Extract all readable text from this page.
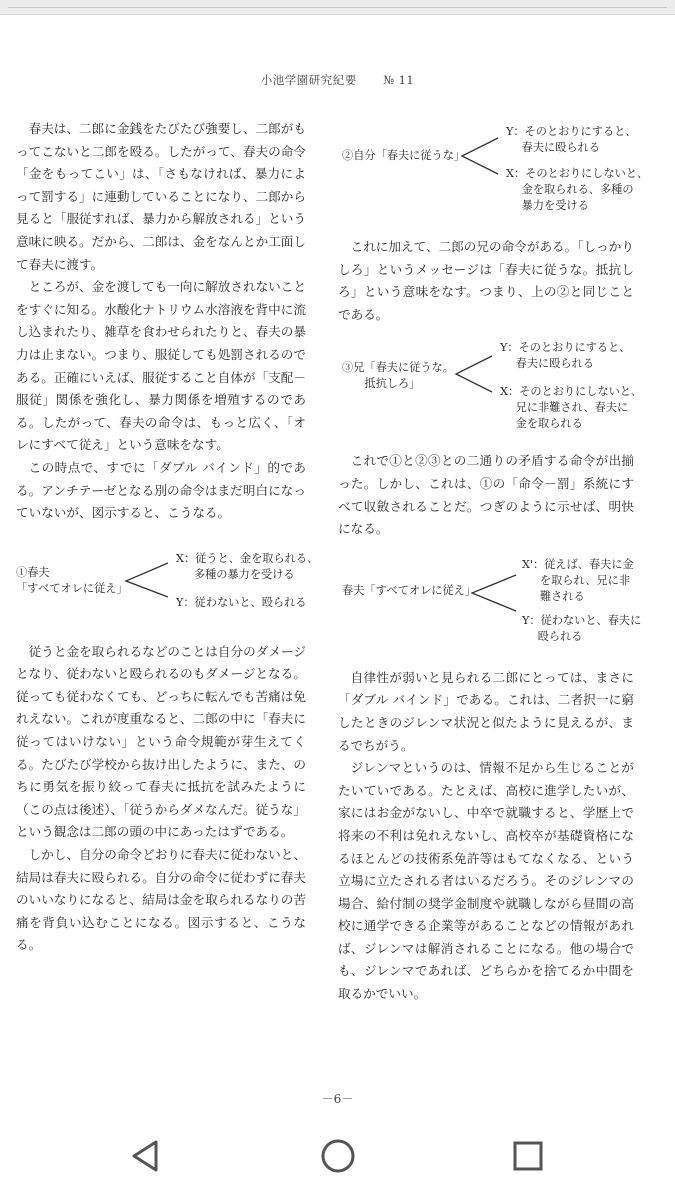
小池学園研究紀要 № 11

春夫は、二郎に金銭をたびたび強要し、二郎がもってこないと二郎を殴る。したがって、春夫の命令「金をもってこい」は、「さもなければ、暴力によって罰する」に連動していることになり、二郎から見ると「服従すれば、暴力から解放される」という意味に映る。だから、二郎は、金をなんとか工面して春夫に渡す。

ところが、金を渡しても一向に解放されないことをすぐに知る。水酸化ナトリウム水溶液を背中に流し込まれたり、雑草を食わせられたりと、春夫の暴力は止まない。つまり、服従しても処罰されるのである。正確にいえば、服従すること自体が「支配－服従」関係を強化し、暴力関係を増殖するのである。したがって、春夫の命令は、もっと広く、「オレにすべて従え」という意味をなす。

この時点で、すでに「ダブル バインド」的である。アンチテーゼとなる別の命令はまだ明白になっていないが、図示すると、こうなる。

①春夫
「すべてオレに従え」
X：従うと、金を取られる、
多種の暴力を受ける
Y：従わないと、殴られる

従うと金を取られるなどのことは自分のダメージとなり、従わないと殴られるのもダメージとなる。従っても従わなくても、どっちに転んでも苦痛は免れえない。これが度重なると、二郎の中に「春夫に従ってはいけない」という命令規範が芽生えてくる。たびたび学校から抜け出したように、また、のちに勇気を振り絞って春夫に抵抗を試みたように（この点は後述）、「従うからダメなんだ。従うな」という観念は二郎の頭の中にあったはずである。

しかし、自分の命令どおりに春夫に従わないと、結局は春夫に殴られる。自分の命令に従わずに春夫のいいなりになると、結局は金を取られるなりの苦痛を背負い込むことになる。図示すると、こうなる。

②自分「春夫に従うな」
Y：そのとおりにすると、
春夫に殴られる
X：そのとおりにしないと、
金を取られる、多種の
暴力を受ける

これに加えて、二郎の兄の命令がある。「しっかりしろ」というメッセージは「春夫に従うな。抵抗しろ」という意味をなす。つまり、上の②と同じことである。

③兄「春夫に従うな。
抵抗しろ」
Y：そのとおりにすると、
春夫に殴られる
X：そのとおりにしないと、
兄に非難され、春夫に
金を取られる

これで①と②③との二通りの矛盾する命令が出揃った。しかし、これは、①の「命令－罰」系統にすべて収斂されることだ。つぎのように示せば、明快になる。

春夫「すべてオレに従え」
X'：従えば、春夫に金
を取られ、兄に非
難される
Y：従わないと、春夫に
殴られる

自律性が弱いと見られる二郎にとっては、まさに「ダブル バインド」である。これは、二者択一に窮したときのジレンマ状況と似たように見えるが、まるでちがう。

ジレンマというのは、情報不足から生じることがたいていである。たとえば、高校に進学したいが、家にはお金がないし、中卒で就職すると、学歴上で将来の不利は免れえないし、高校卒が基礎資格になるほとんどの技術系免許等はもてなくなる、という立場に立たされる者はいるだろう。そのジレンマの場合、給付制の奨学金制度や就職しながら昼間の高校に通学できる企業等があることなどの情報があれば、ジレンマは解消されることになる。他の場合でも、ジレンマであれば、どちらかを捨てるか中間を取るかでいい。

－6－
